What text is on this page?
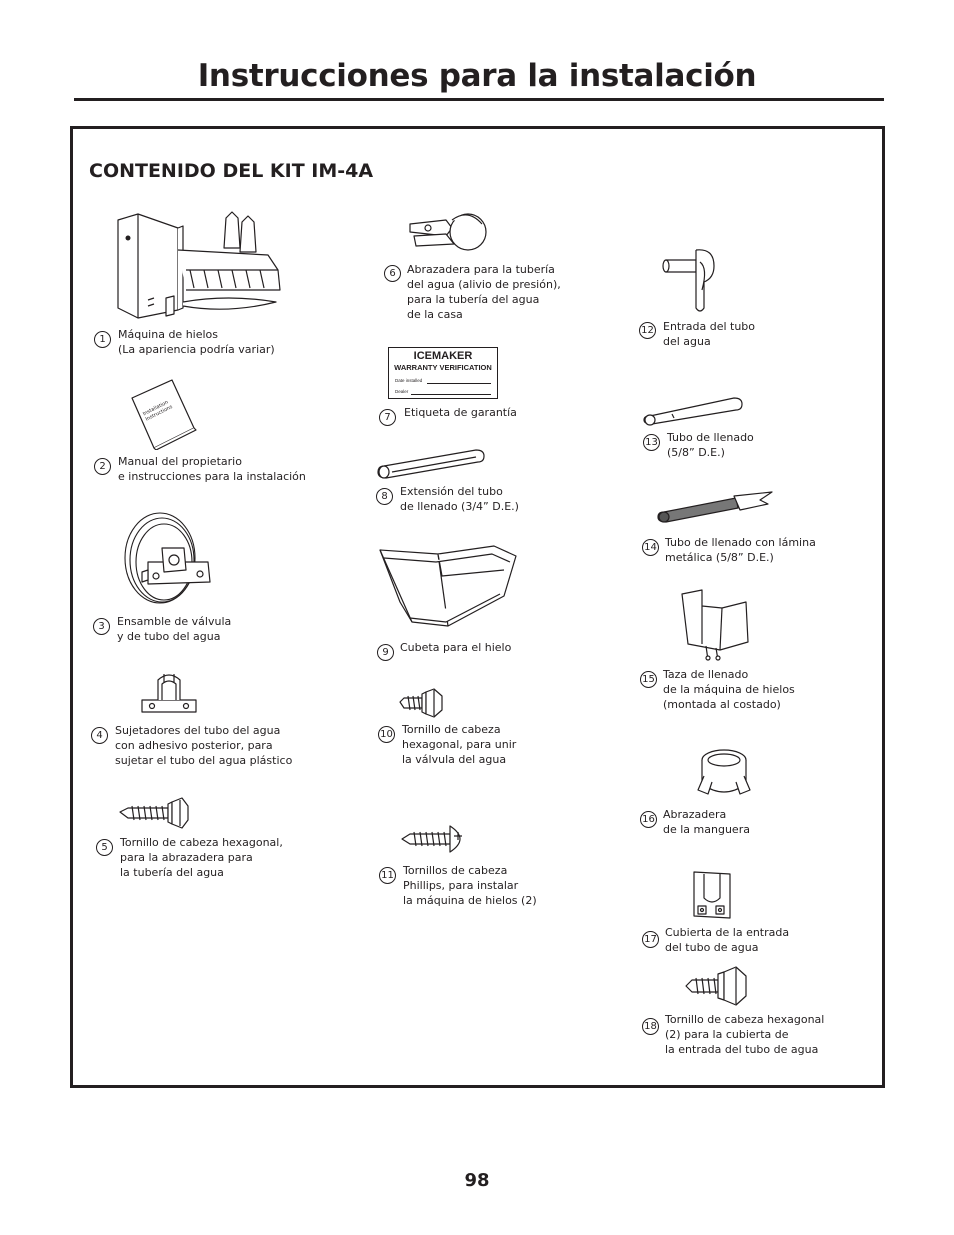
Instrucciones para la instalación
CONTENIDO DEL KIT IM-4A
1	Máquina de hielos
(La apariencia podría variar)
Installation
Instructions
2	Manual del propietario
e instrucciones para la instalación
3	Ensamble de válvula
y de tubo del agua
4	Sujetadores del tubo del agua
con adhesivo posterior, para
sujetar el tubo del agua plástico
5	Tornillo de cabeza hexagonal,
para la abrazadera para
la tubería del agua
6	Abrazadera para la tubería
del agua (alivio de presión),
para la tubería del agua
de la casa
ICEMAKER
WARRANTY VERIFICATION
Date installed
Dealer
7	Etiqueta de garantía
8	Extensión del tubo
de llenado (3/4” D.E.)
9	Cubeta para el hielo
10 Tornillo de cabeza
hexagonal, para unir
la válvula del agua
11 Tornillos de cabeza
Phillips, para instalar
la máquina de hielos (2)
12 Entrada del tubo
del agua
13 Tubo de llenado
(5/8” D.E.)
14 Tubo de llenado con lámina
metálica (5/8” D.E.)
15 Taza de llenado
de la máquina de hielos
(montada al costado)
16 Abrazadera
de la manguera
17
Cubierta de la entrada
del tubo de agua
18
Tornillo de cabeza hexagonal
(2) para la cubierta de
la entrada del tubo de agua
98
